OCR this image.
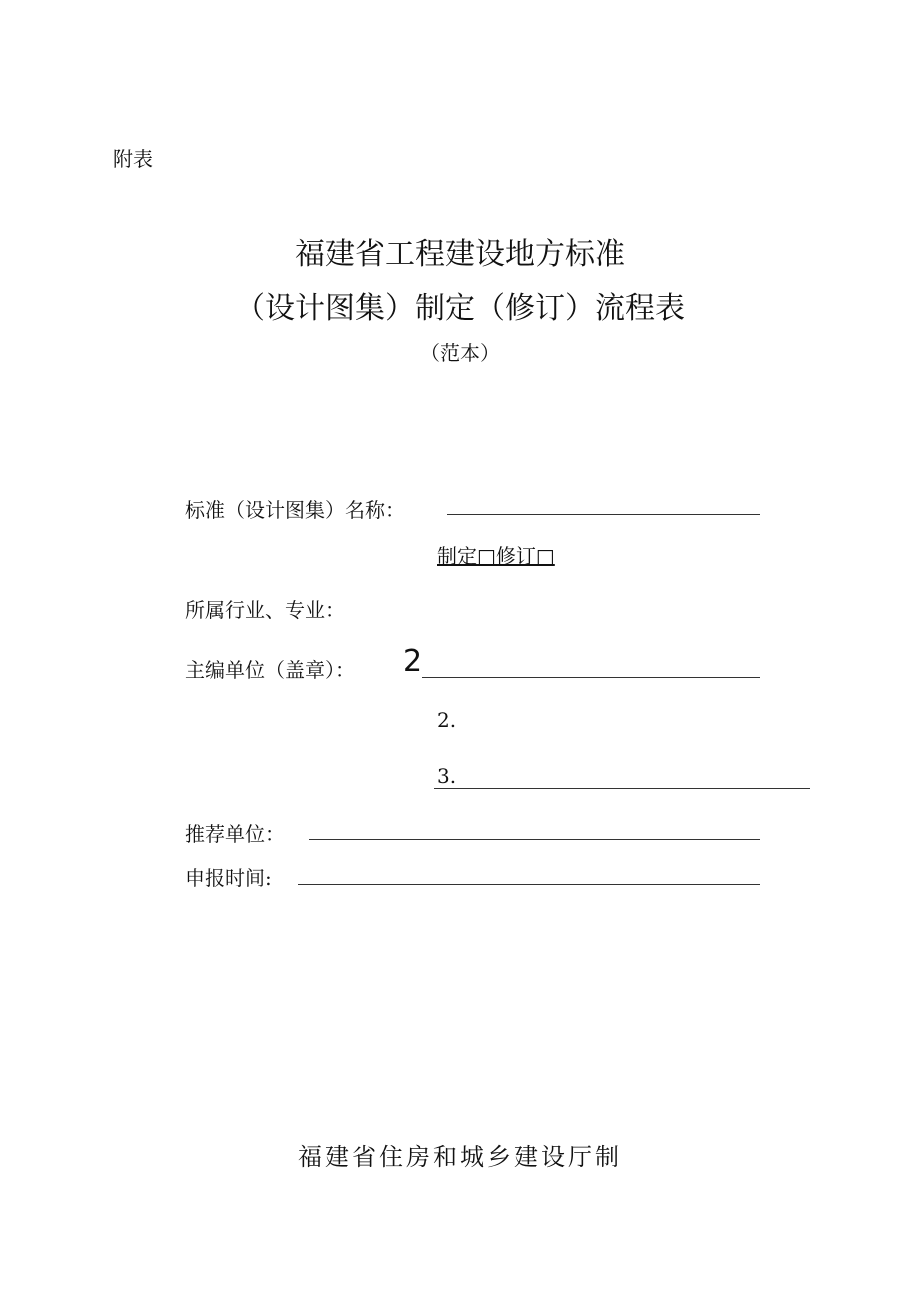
附表
福建省工程建设地方标准
（设计图集）制定（修订）流程表
（范本）
标准（设计图集）名称：
制定□修订□
所属行业、专业：
主编单位（盖章）： 2
2.
3.
推荐单位：
申报时间:
福建省住房和城乡建设厅制
